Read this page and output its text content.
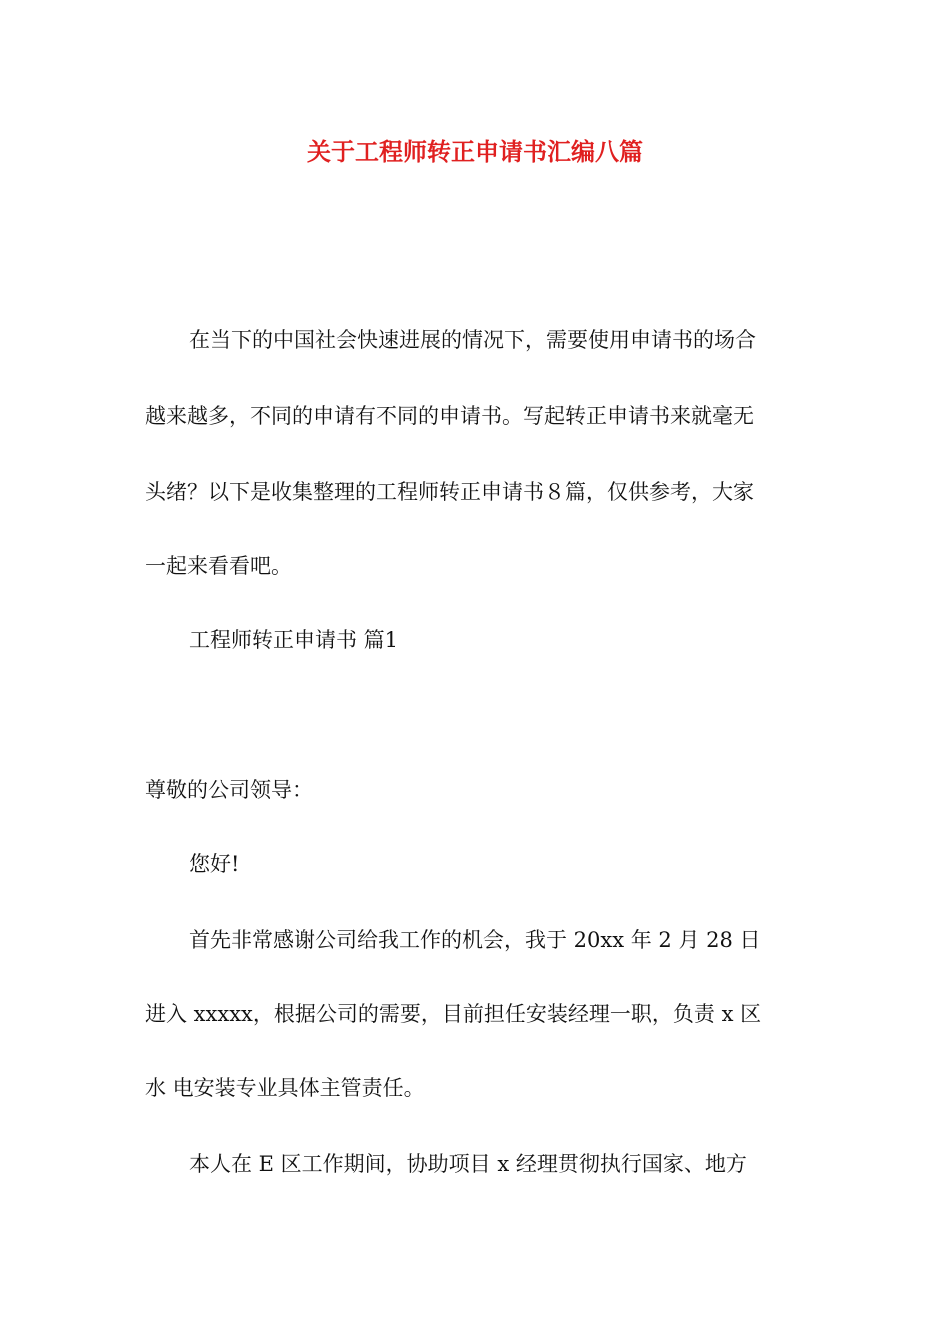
关于工程师转正申请书汇编八篇
在当下的中国社会快速进展的情况下，需要使用申请书的场合
越来越多，不同的申请有不同的申请书。写起转正申请书来就毫无
头绪？以下是收集整理的工程师转正申请书８篇，仅供参考，大家
一起来看看吧。
工程师转正申请书 篇1
尊敬的公司领导：
您好!
首先非常感谢公司给我工作的机会，我于 20xx 年 2 月 28 日
进入 xxxxx，根据公司的需要，目前担任安装经理一职，负责 x 区
水 电安装专业具体主管责任。
本人在 E 区工作期间，协助项目 x 经理贯彻执行国家、地方
